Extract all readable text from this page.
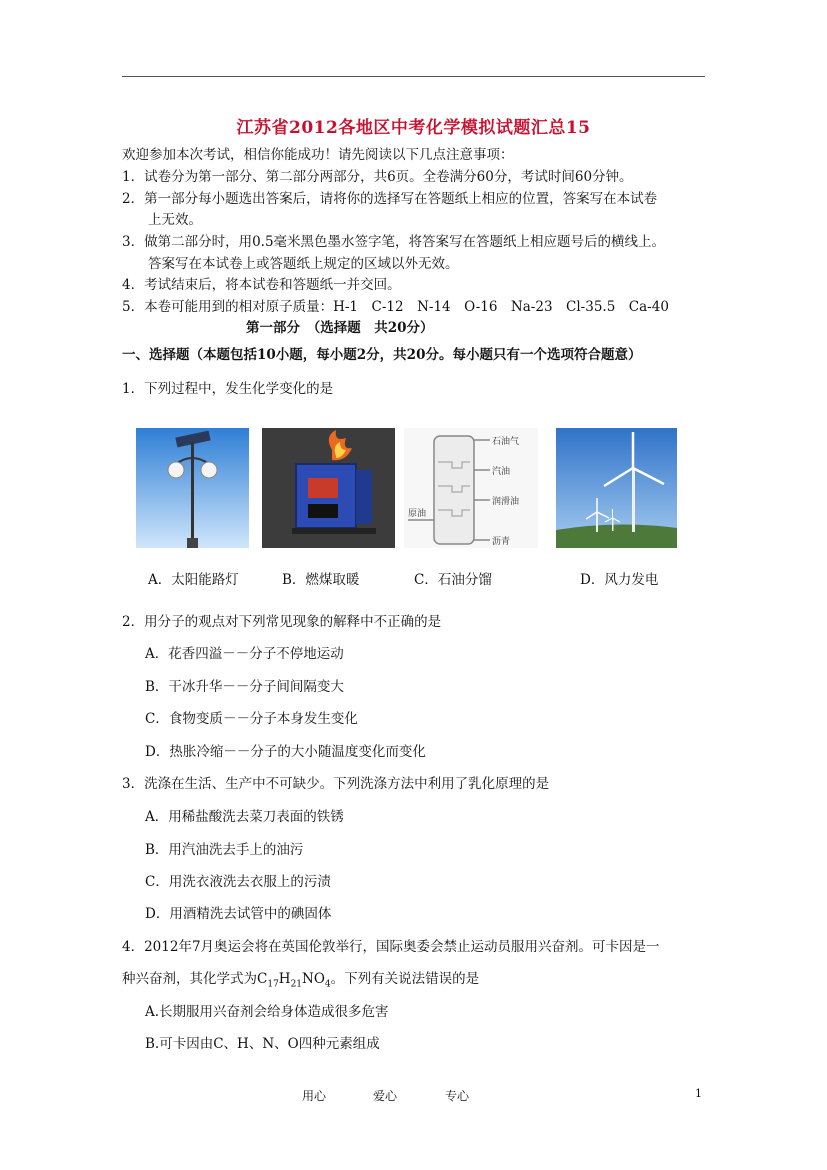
江苏省2012各地区中考化学模拟试题汇总15
欢迎参加本次考试，相信你能成功！请先阅读以下几点注意事项：
1．试卷分为第一部分、第二部分两部分，共6页。全卷满分60分，考试时间60分钟。
2．第一部分每小题选出答案后，请将你的选择写在答题纸上相应的位置，答案写在本试卷
上无效。
3．做第二部分时，用0.5毫米黑色墨水签字笔，将答案写在答题纸上相应题号后的横线上。
答案写在本试卷上或答题纸上规定的区域以外无效。
4．考试结束后，将本试卷和答题纸一并交回。
5．本卷可能用到的相对原子质量：H-1　C-12　N-14　O-16　Na-23　Cl-35.5　Ca-40
第一部分　（选择题　共20分）
一、选择题（本题包括10小题，每小题2分，共20分。每小题只有一个选项符合题意）
1．下列过程中，发生化学变化的是
石油气
汽油
润滑油
原油
沥青
A．太阳能路灯	B．燃煤取暖	C．石油分馏	D．风力发电
2．用分子的观点对下列常见现象的解释中不正确的是
A．花香四溢－－分子不停地运动
B．干冰升华－－分子间间隔变大
C．食物变质－－分子本身发生变化
D．热胀冷缩－－分子的大小随温度变化而变化
3．洗涤在生活、生产中不可缺少。下列洗涤方法中利用了乳化原理的是
A．用稀盐酸洗去菜刀表面的铁锈
B．用汽油洗去手上的油污
C．用洗衣液洗去衣服上的污渍
D．用酒精洗去试管中的碘固体
4．2012年7月奥运会将在英国伦敦举行，国际奥委会禁止运动员服用兴奋剂。可卡因是一
种兴奋剂，其化学式为$C_{17}H_{21}NO_4$。下列有关说法错误的是
A.长期服用兴奋剂会给身体造成很多危害
B.可卡因由C、H、N、O四种元素组成
用心	爱心	专心	1
